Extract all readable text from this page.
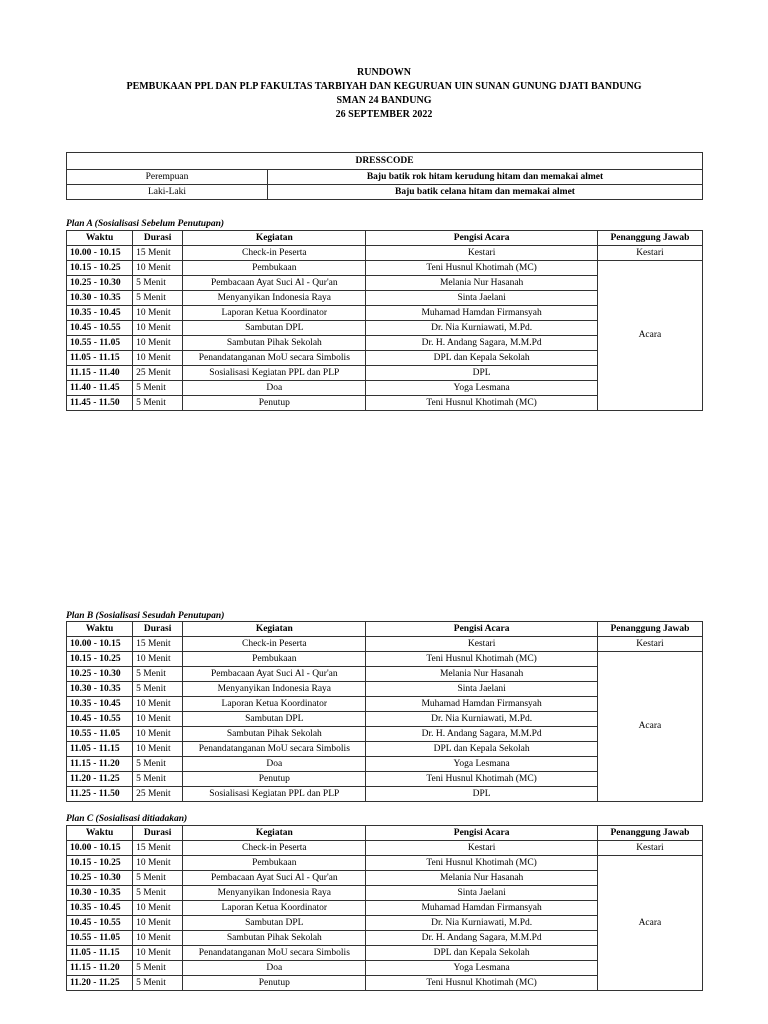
RUNDOWN
PEMBUKAAN PPL DAN PLP FAKULTAS TARBIYAH DAN KEGURUAN UIN SUNAN GUNUNG DJATI BANDUNG
SMAN 24 BANDUNG
26 SEPTEMBER 2022
DRESSCODE	
Perempuan	Baju batik rok hitam kerudung hitam dan memakai almet
Laki-Laki	Baju batik celana hitam dan memakai almet
Plan A (Sosialisasi Sebelum Penutupan)
Waktu	Durasi	Kegiatan	Pengisi Acara	Penanggung Jawab
10.00 - 10.15	15 Menit	Check-in Peserta	Kestari	Kestari
10.15 - 10.25	10 Menit	Pembukaan	Teni Husnul Khotimah (MC)	Acara
10.25 - 10.30	5 Menit	Pembacaan Ayat Suci Al - Qur'an	Melania Nur Hasanah	
10.30 - 10.35	5 Menit	Menyanyikan Indonesia Raya	Sinta Jaelani	
10.35 - 10.45	10 Menit	Laporan Ketua Koordinator	Muhamad Hamdan Firmansyah	
10.45 - 10.55	10 Menit	Sambutan DPL	Dr. Nia Kurniawati, M.Pd.	
10.55 - 11.05	10 Menit	Sambutan Pihak Sekolah	Dr. H. Andang Sagara, M.M.Pd	
11.05 - 11.15	10 Menit	Penandatanganan MoU secara Simbolis	DPL dan Kepala Sekolah	
11.15 - 11.40	25 Menit	Sosialisasi Kegiatan PPL dan PLP	DPL	
11.40 - 11.45	5 Menit	Doa	Yoga Lesmana	
11.45 - 11.50	5 Menit	Penutup	Teni Husnul Khotimah (MC)	
Plan B (Sosialisasi Sesudah Penutupan)
Waktu	Durasi	Kegiatan	Pengisi Acara	Penanggung Jawab
10.00 - 10.15	15 Menit	Check-in Peserta	Kestari	Kestari
10.15 - 10.25	10 Menit	Pembukaan	Teni Husnul Khotimah (MC)	Acara
10.25 - 10.30	5 Menit	Pembacaan Ayat Suci Al - Qur'an	Melania Nur Hasanah	
10.30 - 10.35	5 Menit	Menyanyikan Indonesia Raya	Sinta Jaelani	
10.35 - 10.45	10 Menit	Laporan Ketua Koordinator	Muhamad Hamdan Firmansyah	
10.45 - 10.55	10 Menit	Sambutan DPL	Dr. Nia Kurniawati, M.Pd.	
10.55 - 11.05	10 Menit	Sambutan Pihak Sekolah	Dr. H. Andang Sagara, M.M.Pd	
11.05 - 11.15	10 Menit	Penandatanganan MoU secara Simbolis	DPL dan Kepala Sekolah	
11.15 - 11.20	5 Menit	Doa	Yoga Lesmana	
11.20 - 11.25	5 Menit	Penutup	Teni Husnul Khotimah (MC)	
11.25 - 11.50	25 Menit	Sosialisasi Kegiatan PPL dan PLP	DPL	
Plan C (Sosialisasi ditiadakan)
Waktu	Durasi	Kegiatan	Pengisi Acara	Penanggung Jawab
10.00 - 10.15	15 Menit	Check-in Peserta	Kestari	Kestari
10.15 - 10.25	10 Menit	Pembukaan	Teni Husnul Khotimah (MC)	Acara
10.25 - 10.30	5 Menit	Pembacaan Ayat Suci Al - Qur'an	Melania Nur Hasanah	
10.30 - 10.35	5 Menit	Menyanyikan Indonesia Raya	Sinta Jaelani	
10.35 - 10.45	10 Menit	Laporan Ketua Koordinator	Muhamad Hamdan Firmansyah	
10.45 - 10.55	10 Menit	Sambutan DPL	Dr. Nia Kurniawati, M.Pd.	
10.55 - 11.05	10 Menit	Sambutan Pihak Sekolah	Dr. H. Andang Sagara, M.M.Pd	
11.05 - 11.15	10 Menit	Penandatanganan MoU secara Simbolis	DPL dan Kepala Sekolah	
11.15 - 11.20	5 Menit	Doa	Yoga Lesmana	
11.20 - 11.25	5 Menit	Penutup	Teni Husnul Khotimah (MC)	
